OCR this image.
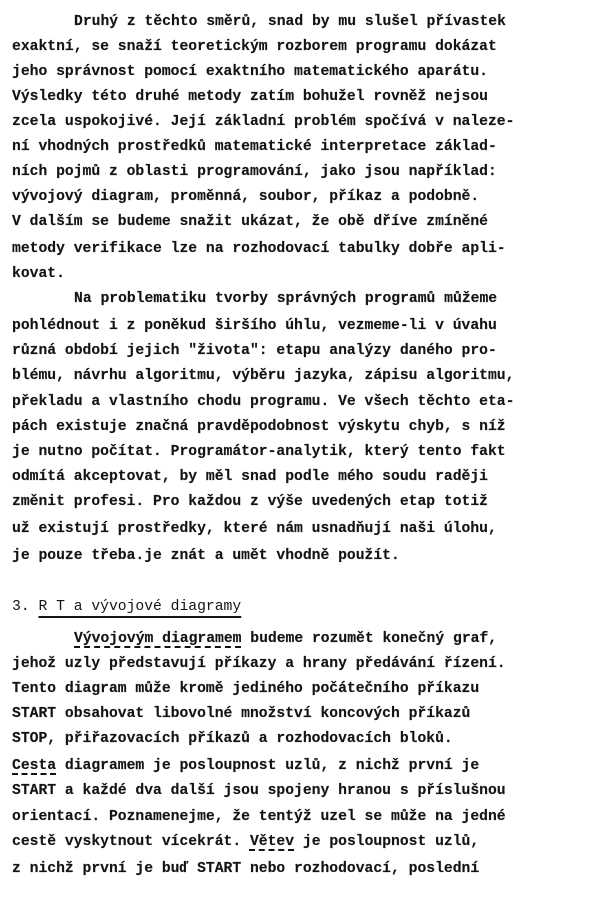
Druhý z těchto směrů, snad by mu slušel přívastek
exaktní, se snaží teoretickým rozborem programu dokázat
jeho správnost pomocí exaktního matematického aparátu.
Výsledky této druhé metody zatím bohužel rovněž nejsou
zcela uspokojivé. Její základní problém spočívá v naleze-
ní vhodných prostředků matematické interpretace základ-
ních pojmů z oblasti programování, jako jsou například:
vývojový diagram, proměnná, soubor, příkaz a podobně.
V dalším se budeme snažit ukázat, že obě dříve zmíněné
metody verifikace lze na rozhodovací tabulky dobře apli-
kovat.
Na problematiku tvorby správných programů můžeme
pohlédnout i z poněkud širšího úhlu, vezmeme-li v úvahu
různá období jejich "života": etapu analýzy daného pro-
blému, návrhu algoritmu, výběru jazyka, zápisu algoritmu,
překladu a vlastního chodu programu. Ve všech těchto eta-
pách existuje značná pravděpodobnost výskytu chyb, s níž
je nutno počítat. Programátor-analytik, který tento fakt
odmítá akceptovat, by měl snad podle mého soudu raději
změnit profesi. Pro každou z výše uvedených etap totiž
už existují prostředky, které nám usnadňují naši úlohu,
je pouze třeba.je znát a umět vhodně použít.
Vývojovým diagramem budeme rozumět konečný graf,
jehož uzly představují příkazy a hrany předávání řízení.
Tento diagram může kromě jediného počátečního příkazu
START obsahovat libovolné množství koncových příkazů
STOP, přiřazovacích příkazů a rozhodovacích bloků.
Cesta diagramem je posloupnost uzlů, z nichž první je
START a každé dva další jsou spojeny hranou s příslušnou
orientací. Poznamenejme, že tentýž uzel se může na jedné
cestě vyskytnout vícekrát. Větev je posloupnost uzlů,
z nichž první je buď START nebo rozhodovací, poslední
3. R T a vývojové diagramy
